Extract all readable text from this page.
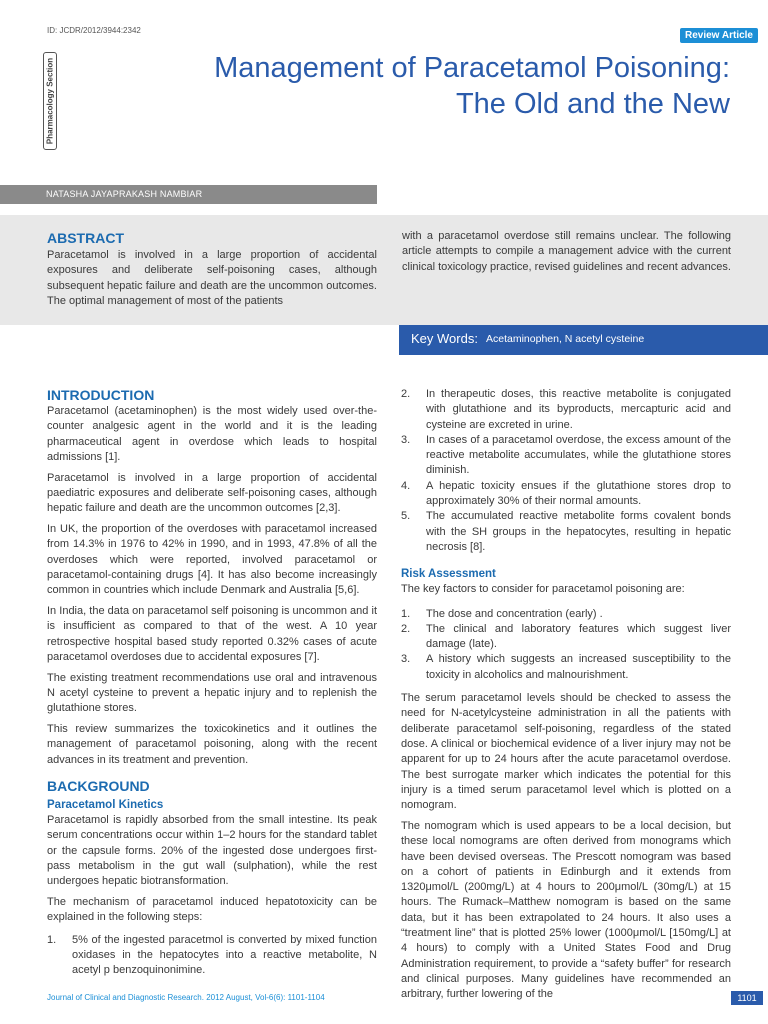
ID: JCDR/2012/3944:2342	Review Article
Pharmacology Section	Management of Paracetamol Poisoning:
The Old and the New
NATASHA JAYAPRAKASH NAMBIAR
ABSTRACT

Paracetamol is involved in a large proportion of accidental exposures and deliberate self-poisoning cases, although subsequent hepatic failure and death are the uncommon outcomes. The optimal management of most of the patients

with a paracetamol overdose still remains unclear. The following article attempts to compile a management advice with the current clinical toxicology practice, revised guidelines and recent advances.

Key Words: Acetaminophen, N acetyl cysteine
INTRODUCTION

Paracetamol (acetaminophen) is the most widely used over-the-counter analgesic agent in the world and it is the leading pharmaceutical agent in overdose which leads to hospital admissions [1].

Paracetamol is involved in a large proportion of accidental paediatric exposures and deliberate self-poisoning cases, although hepatic failure and death are the uncommon outcomes [2,3].

In UK, the proportion of the overdoses with paracetamol increased from 14.3% in 1976 to 42% in 1990, and in 1993, 47.8% of all the overdoses which were reported, involved paracetamol or paracetamol-containing drugs [4]. It has also become increasingly common in countries which include Denmark and Australia [5,6].

In India, the data on paracetamol self poisoning is uncommon and it is insufficient as compared to that of the west. A 10 year retrospective hospital based study reported 0.32% cases of acute paracetamol overdoses due to accidental exposures [7].

The existing treatment recommendations use oral and intravenous N acetyl cysteine to prevent a hepatic injury and to replenish the glutathione stores.

This review summarizes the toxicokinetics and it outlines the management of paracetamol poisoning, along with the recent advances in its treatment and prevention.

BACKGROUND
Paracetamol Kinetics

Paracetamol is rapidly absorbed from the small intestine. Its peak serum concentrations occur within 1–2 hours for the standard tablet or the capsule forms. 20% of the ingested dose undergoes first-pass metabolism in the gut wall (sulphation), while the rest undergoes hepatic biotransformation.

The mechanism of paracetamol induced hepatotoxicity can be explained in the following steps:

1. 5% of the ingested paracetmol is converted by mixed function oxidases in the hepatocytes into a reactive metabolite, N acetyl p benzoquinonimine.
2. In therapeutic doses, this reactive metabolite is conjugated with glutathione and its byproducts, mercapturic acid and cysteine are excreted in urine.
3. In cases of a paracetamol overdose, the excess amount of the reactive metabolite accumulates, while the glutathione stores diminish.
4. A hepatic toxicity ensues if the glutathione stores drop to approximately 30% of their normal amounts.
5. The accumulated reactive metabolite forms covalent bonds with the SH groups in the hepatocytes, resulting in hepatic necrosis [8].
Risk Assessment

The key factors to consider for paracetamol poisoning are:

1. The dose and concentration (early) .
2. The clinical and laboratory features which suggest liver damage (late).
3. A history which suggests an increased susceptibility to the toxicity in alcoholics and malnourishment.

The serum paracetamol levels should be checked to assess the need for N-acetylcysteine administration in all the patients with deliberate paracetamol self-poisoning, regardless of the stated dose. A clinical or biochemical evidence of a liver injury may not be apparent for up to 24 hours after the acute paracetamol overdose. The best surrogate marker which indicates the potential for this injury is a timed serum paracetamol level which is plotted on a nomogram.

The nomogram which is used appears to be a local decision, but these local nomograms are often derived from monograms which have been devised overseas. The Prescott nomogram was based on a cohort of patients in Edinburgh and it extends from 1320μmol/L (200mg/L) at 4 hours to 200μmol/L (30mg/L) at 15 hours. The Rumack–Matthew nomogram is based on the same data, but it has been extrapolated to 24 hours. It also uses a “treatment line” that is plotted 25% lower (1000μmol/L [150mg/L] at 4 hours) to comply with a United States Food and Drug Administration requirement, to provide a “safety buffer” for research and clinical purposes. Many guidelines have recommended an arbitrary, further lowering of the

Journal of Clinical and Diagnostic Research. 2012 August, Vol-6(6): 1101-1104	1101
